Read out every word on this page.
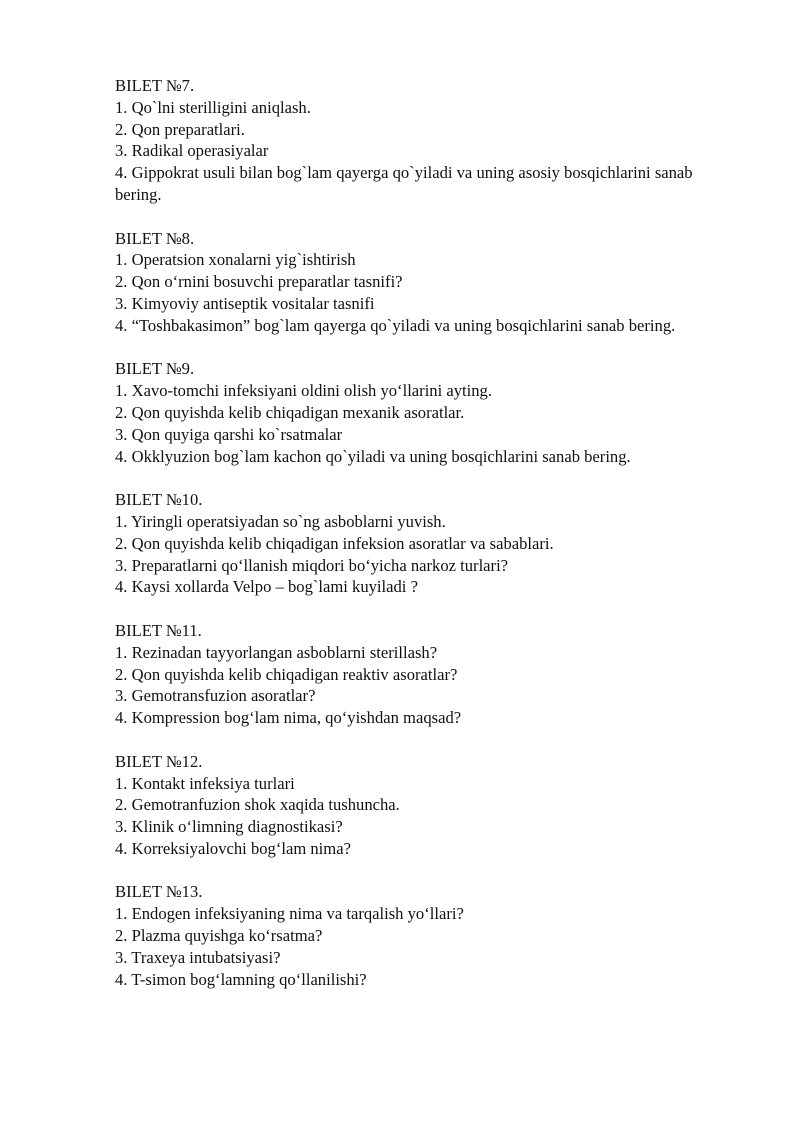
BILET №7.
1. Qo`lni sterilligini aniqlash.
2. Qon preparatlari.
3. Radikal operasiyalar
4. Gippokrat usuli bilan bog`lam qayerga qo`yiladi va uning asosiy bosqichlarini sanab bering.
BILET №8.
1. Operatsion xonalarni yig`ishtirish
2. Qon o‘rnini bosuvchi preparatlar tasnifi?
3. Kimyoviy antiseptik vositalar tasnifi
4. “Toshbakasimon” bog`lam qayerga qo`yiladi va uning bosqichlarini sanab bering.
BILET №9.
1. Xavo-tomchi infeksiyani oldini olish yo‘llarini ayting.
2. Qon quyishda kelib chiqadigan mexanik asoratlar.
3. Qon quyiga qarshi ko`rsatmalar
4. Okklyuzion bog`lam kachon qo`yiladi va uning bosqichlarini sanab bering.
BILET №10.
1. Yiringli operatsiyadan so`ng asboblarni yuvish.
2. Qon quyishda kelib chiqadigan infeksion asoratlar va sabablari.
3. Preparatlarni qo‘llanish miqdori bo‘yicha narkoz turlari?
4. Kaysi xollarda Velpo – bog`lami kuyiladi ?
BILET №11.
1. Rezinadan tayyorlangan asboblarni sterillash?
2. Qon quyishda kelib chiqadigan reaktiv asoratlar?
3. Gemotransfuzion asoratlar?
4. Kompression bog‘lam nima, qo‘yishdan maqsad?
BILET №12.
1. Kontakt infeksiya turlari
2. Gemotranfuzion shok xaqida tushuncha.
3. Klinik o‘limning diagnostikasi?
4. Korreksiyalovchi bog‘lam nima?
BILET №13.
1. Endogen infeksiyaning nima va tarqalish yo‘llari?
2. Plazma quyishga ko‘rsatma?
3. Traxeya intubatsiyasi?
4. T-simon bog‘lamning qo‘llanilishi?
